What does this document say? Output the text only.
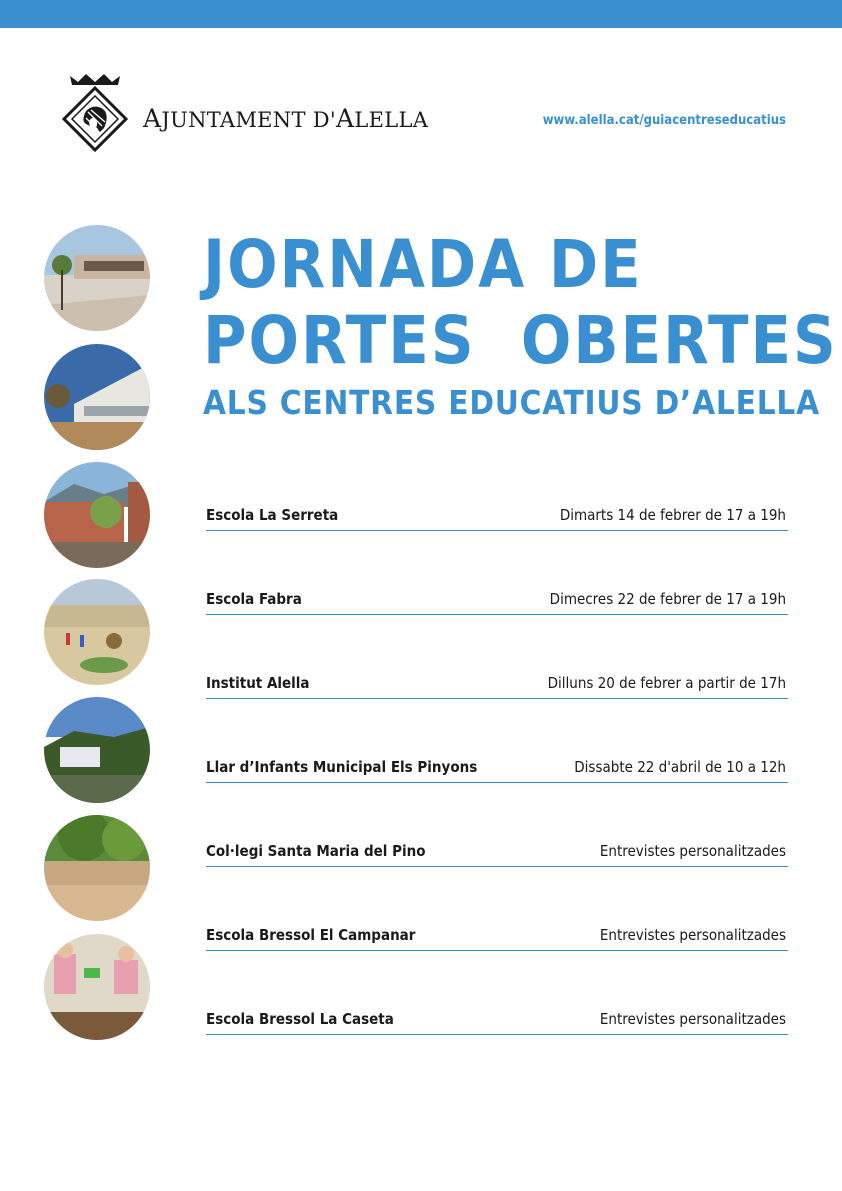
AJUNTAMENT D'ALELLA	www.alella.cat/guiacentreseducatius
JORNADA DE
PORTES  OBERTES
ALS CENTRES EDUCATIUS D’ALELLA
Escola La Serreta	Dimarts 14 de febrer de 17 a 19h
Escola Fabra	Dimecres 22 de febrer de 17 a 19h
Institut Alella	Dilluns 20 de febrer a partir de 17h
Llar d’Infants Municipal Els Pinyons	Dissabte 22 d'abril de 10 a 12h
Col·legi Santa Maria del Pino	Entrevistes personalitzades
Escola Bressol El Campanar	Entrevistes personalitzades
Escola Bressol La Caseta	Entrevistes personalitzades
